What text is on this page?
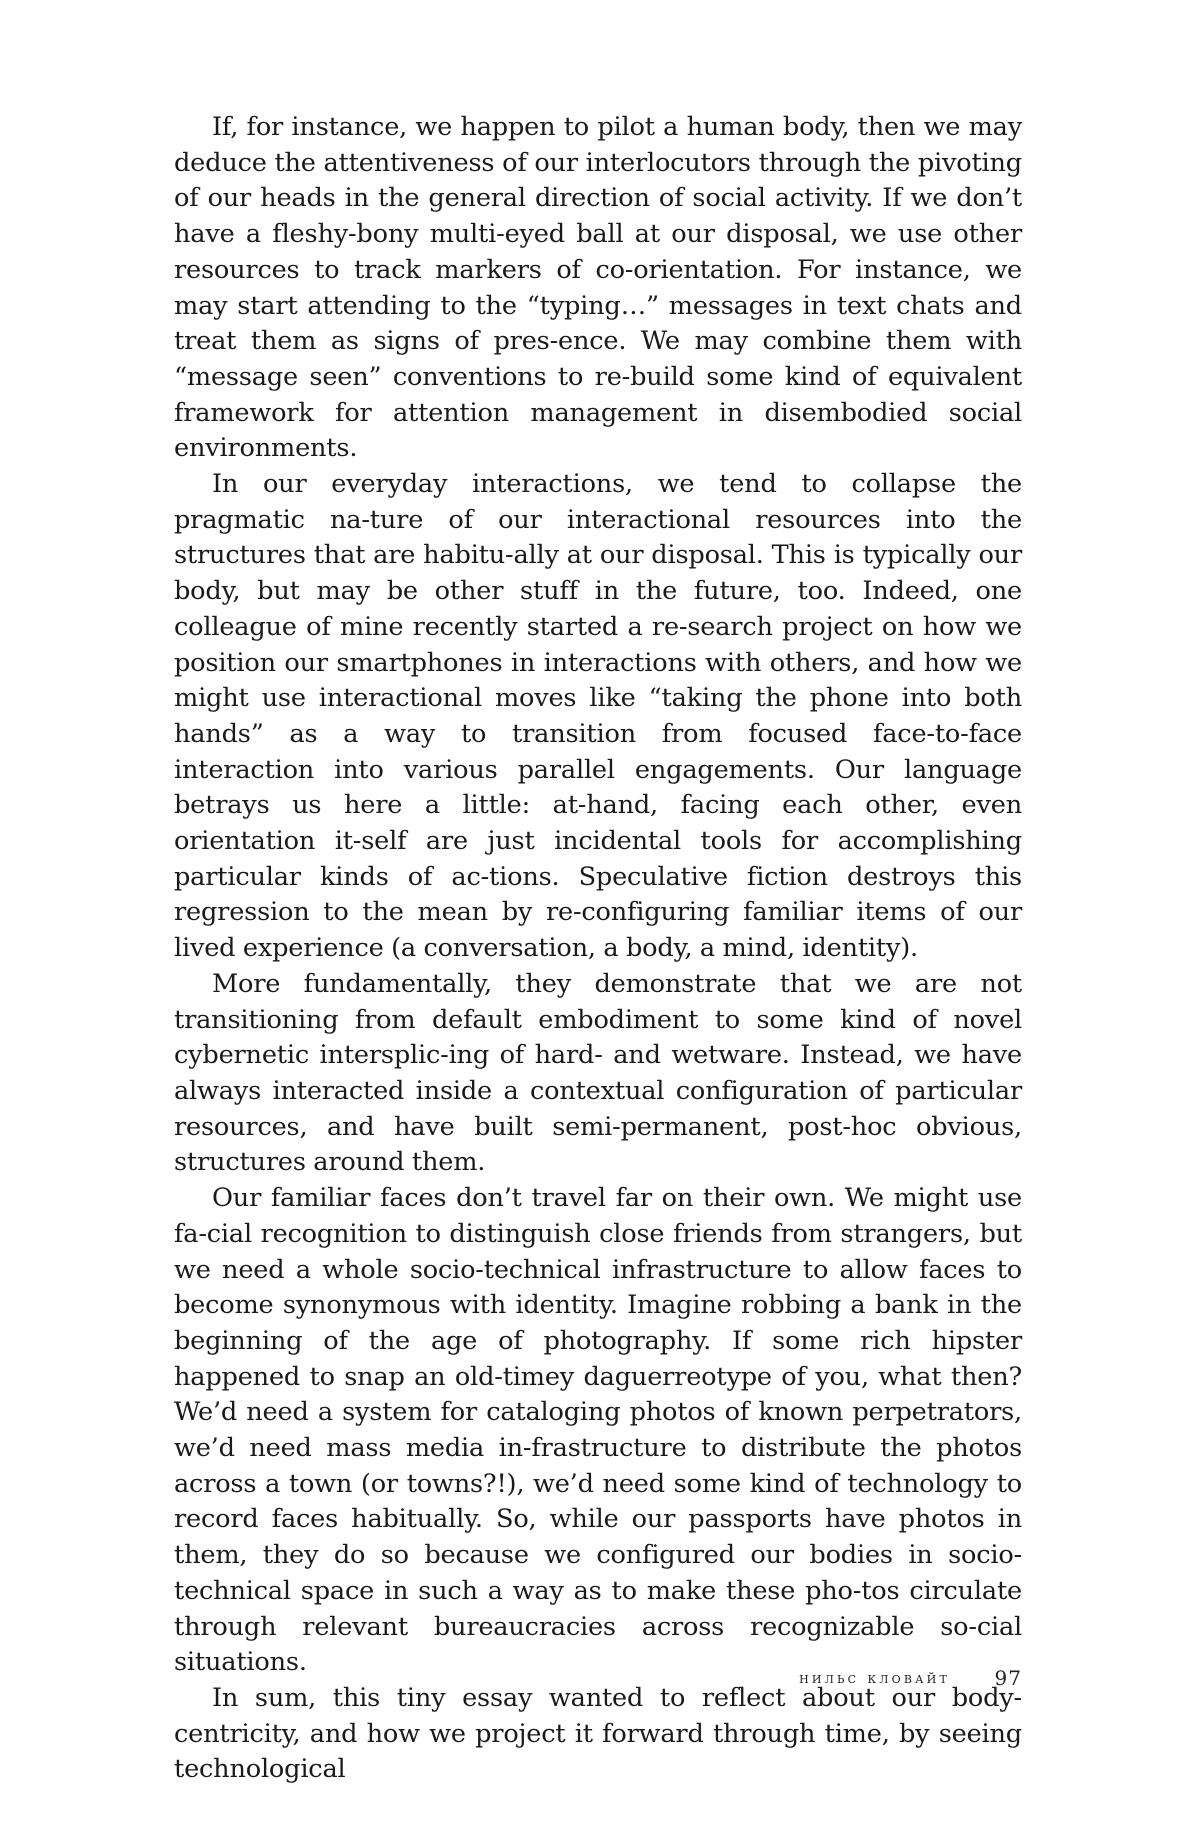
If, for instance, we happen to pilot a human body, then we may deduce the attentiveness of our interlocutors through the pivoting of our heads in the general direction of social activity. If we don’t have a fleshy-bony multi-eyed ball at our disposal, we use other resources to track markers of co-orientation. For instance, we may start attending to the “typing…” messages in text chats and treat them as signs of pres-ence. We may combine them with “message seen” conventions to re-build some kind of equivalent framework for attention management in disembodied social environments.

In our everyday interactions, we tend to collapse the pragmatic na-ture of our interactional resources into the structures that are habitu-ally at our disposal. This is typically our body, but may be other stuff in the future, too. Indeed, one colleague of mine recently started a re-search project on how we position our smartphones in interactions with others, and how we might use interactional moves like “taking the phone into both hands” as a way to transition from focused face-to-face interaction into various parallel engagements. Our language betrays us here a little: at-hand, facing each other, even orientation it-self are just incidental tools for accomplishing particular kinds of ac-tions. Speculative fiction destroys this regression to the mean by re-configuring familiar items of our lived experience (a conversation, a body, a mind, identity).

More fundamentally, they demonstrate that we are not transitioning from default embodiment to some kind of novel cybernetic intersplic-ing of hard- and wetware. Instead, we have always interacted inside a contextual configuration of particular resources, and have built semi-permanent, post-hoc obvious, structures around them.

Our familiar faces don’t travel far on their own. We might use fa-cial recognition to distinguish close friends from strangers, but we need a whole socio-technical infrastructure to allow faces to become synonymous with identity. Imagine robbing a bank in the beginning of the age of photography. If some rich hipster happened to snap an old-timey daguerreotype of you, what then? We’d need a system for cataloging photos of known perpetrators, we’d need mass media in-frastructure to distribute the photos across a town (or towns?!), we’d need some kind of technology to record faces habitually. So, while our passports have photos in them, they do so because we configured our bodies in socio-technical space in such a way as to make these pho-tos circulate through relevant bureaucracies across recognizable so-cial situations.

In sum, this tiny essay wanted to reflect about our body-centricity, and how we project it forward through time, by seeing technological

нильс кловайт 97
